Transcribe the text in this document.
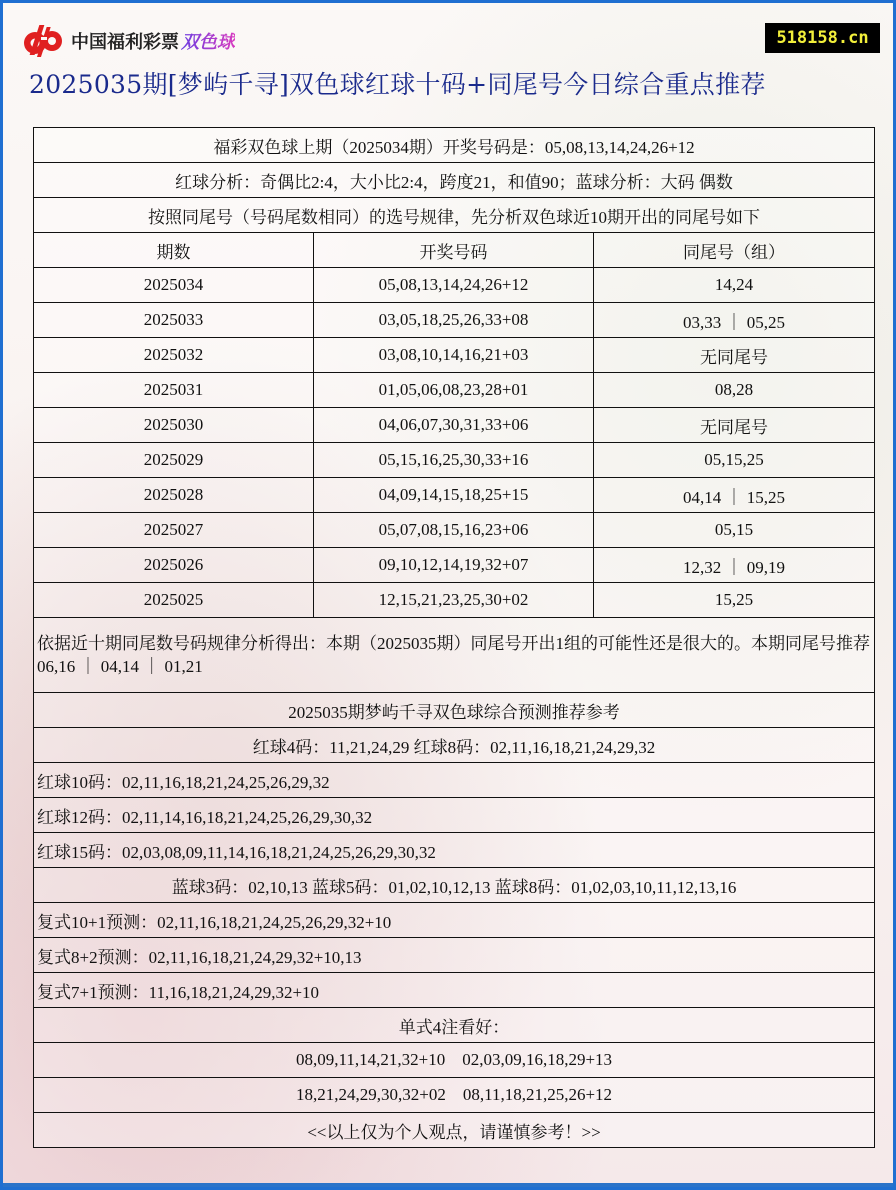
中国福利彩票 双色球	518158.cn
2025035期[梦屿千寻]双色球红球十码+同尾号今日综合重点推荐
福彩双色球上期（2025034期）开奖号码是：05,08,13,14,24,26+12		
红球分析：奇偶比2:4，大小比2:4，跨度21，和值90；蓝球分析：大码 偶数		
按照同尾号（号码尾数相同）的选号规律，先分析双色球近10期开出的同尾号如下		
期数	开奖号码	同尾号（组）
2025034	05,08,13,14,24,26+12	14,24
2025033	03,05,18,25,26,33+08	03,33 ｜ 05,25
2025032	03,08,10,14,16,21+03	无同尾号
2025031	01,05,06,08,23,28+01	08,28
2025030	04,06,07,30,31,33+06	无同尾号
2025029	05,15,16,25,30,33+16	05,15,25
2025028	04,09,14,15,18,25+15	04,14 ｜ 15,25
2025027	05,07,08,15,16,23+06	05,15
2025026	09,10,12,14,19,32+07	12,32 ｜ 09,19
2025025	12,15,21,23,25,30+02	15,25
依据近十期同尾数号码规律分析得出：本期（2025035期）同尾号开出1组的可能性还是很大的。本期同尾号推荐06,16 ｜ 04,14 ｜ 01,21		
2025035期梦屿千寻双色球综合预测推荐参考		
红球4码：11,21,24,29 红球8码：02,11,16,18,21,24,29,32		
红球10码：02,11,16,18,21,24,25,26,29,32		
红球12码：02,11,14,16,18,21,24,25,26,29,30,32		
红球15码：02,03,08,09,11,14,16,18,21,24,25,26,29,30,32		
蓝球3码：02,10,13 蓝球5码：01,02,10,12,13 蓝球8码：01,02,03,10,11,12,13,16		
复式10+1预测：02,11,16,18,21,24,25,26,29,32+10		
复式8+2预测：02,11,16,18,21,24,29,32+10,13		
复式7+1预测：11,16,18,21,24,29,32+10		
单式4注看好：		
08,09,11,14,21,32+10    02,03,09,16,18,29+13		
18,21,24,29,30,32+02    08,11,18,21,25,26+12		
<<以上仅为个人观点，请谨慎参考！>>		
